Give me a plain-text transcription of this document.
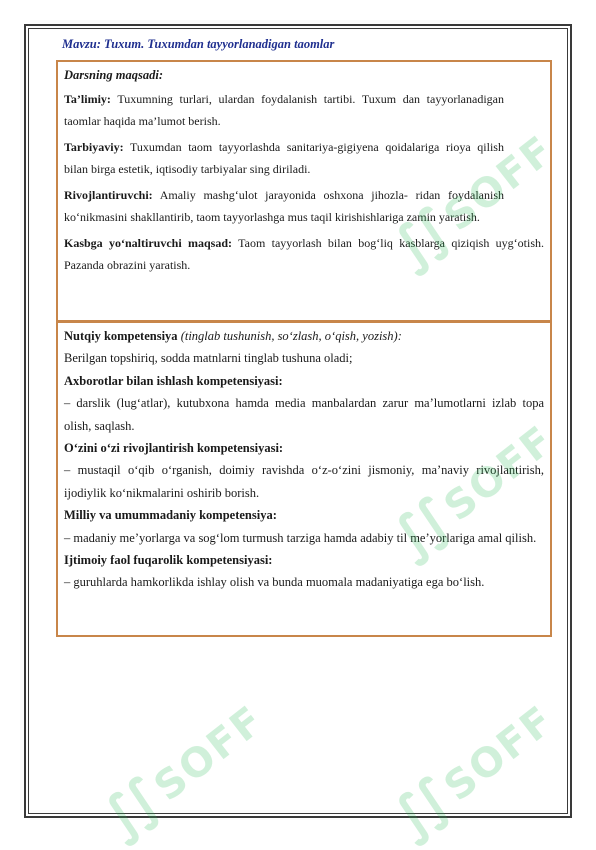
Mavzu: Tuxum. Tuxumdan tayyorlanadigan taomlar

Darsning maqsadi:

Ta’limiy: Tuxumning turlari, ulardan foydalanish tartibi. Tuxum dan tayyorlanadigan taomlar haqida ma’lumot berish.

Tarbiyaviy: Tuxumdan taom tayyorlashda sanitariya-gigiyena qoidalariga rioya qilish bilan birga estetik, iqtisodiy tarbiyalar sing diriladi.

Rivojlantiruvchi: Amaliy mashg‘ulot jarayonida oshxona jihozla- ridan foydalanish ko‘nikmasini shakllantirib, taom tayyorlashga mus taqil kirishishlariga zamin yaratish.

Kasbga yo‘naltiruvchi maqsad: Taom tayyorlash bilan bog‘liq kasblarga qiziqish uyg‘otish. Pazanda obrazini yaratish.

Nutqiy kompetensiya (tinglab tushunish, so‘zlash, o‘qish, yozish):

Berilgan topshiriq, sodda matnlarni tinglab tushuna oladi;

Axborotlar bilan ishlash kompetensiyasi:

– darslik (lug‘atlar), kutubxona hamda media manbalardan zarur ma’lumotlarni izlab topa olish, saqlash.

O‘zini o‘zi rivojlantirish kompetensiyasi:

– mustaqil o‘qib o‘rganish, doimiy ravishda o‘z-o‘zini jismoniy, ma’naviy rivojlantirish, ijodiylik ko‘nikmalarini oshirib borish.

Milliy va umummadaniy kompetensiya:

– madaniy me’yorlarga va sog‘lom turmush tarziga hamda adabiy til me’yorlariga amal qilish.

Ijtimoiy faol fuqarolik kompetensiyasi:

– guruhlarda hamkorlikda ishlay olish va bunda muomala madaniyatiga ega bo‘lish.

∫∫SOFF
∫∫SOFF
∫∫SOFF ∫∫SOFF
